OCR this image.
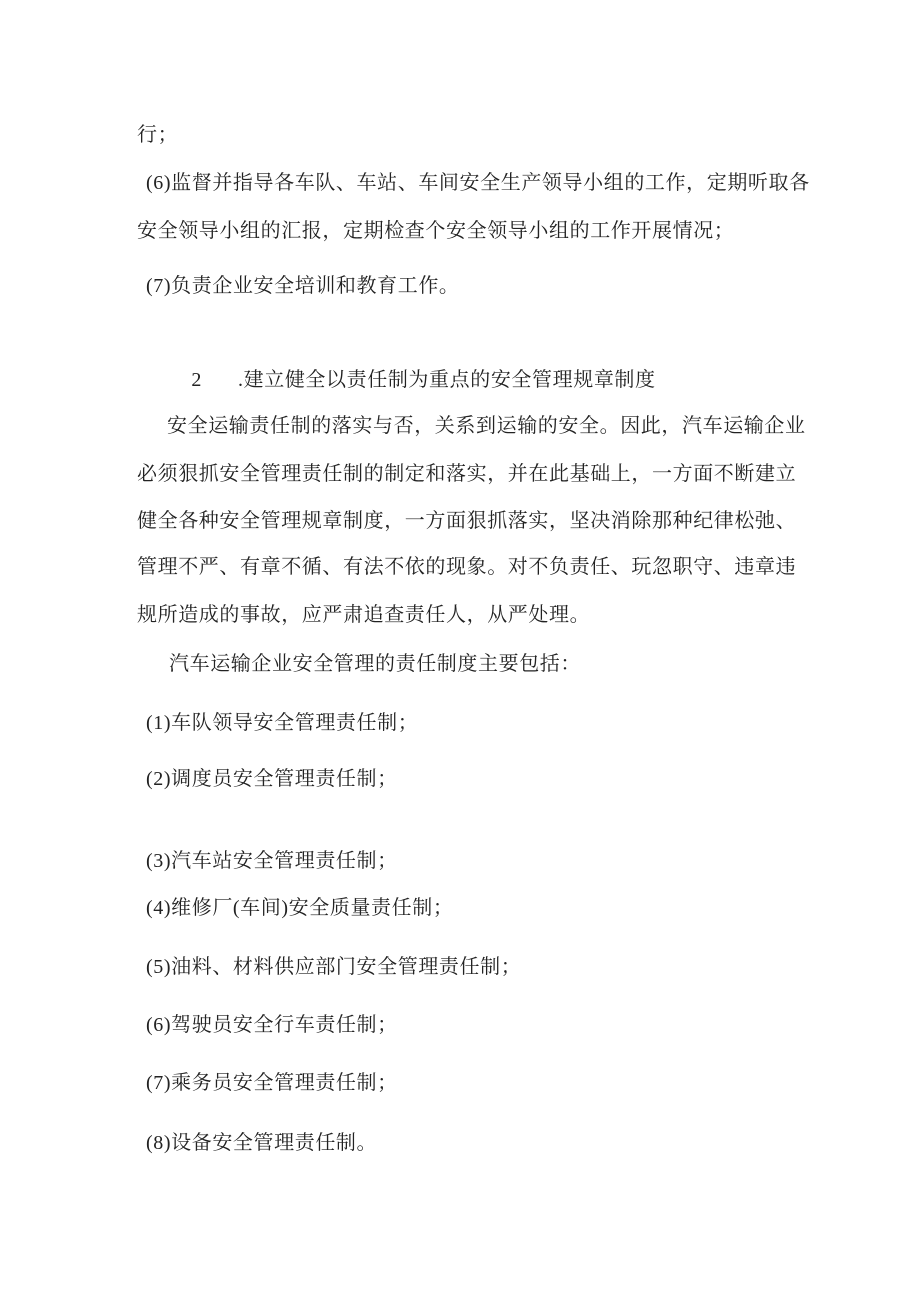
行；
(6)监督并指导各车队、车站、车间安全生产领导小组的工作，定期听取各
安全领导小组的汇报，定期检查个安全领导小组的工作开展情况；
(7)负责企业安全培训和教育工作。

2 .建立健全以责任制为重点的安全管理规章制度

安全运输责任制的落实与否，关系到运输的安全。因此，汽车运输企业
必须狠抓安全管理责任制的制定和落实，并在此基础上，一方面不断建立
健全各种安全管理规章制度，一方面狠抓落实，坚决消除那种纪律松弛、
管理不严、有章不循、有法不依的现象。对不负责任、玩忽职守、违章违
规所造成的事故，应严肃追查责任人，从严处理。
汽车运输企业安全管理的责任制度主要包括：
(1)车队领导安全管理责任制；
(2)调度员安全管理责任制；
(3)汽车站安全管理责任制；
(4)维修厂(车间)安全质量责任制；
(5)油料、材料供应部门安全管理责任制；
(6)驾驶员安全行车责任制；
(7)乘务员安全管理责任制；
(8)设备安全管理责任制。
